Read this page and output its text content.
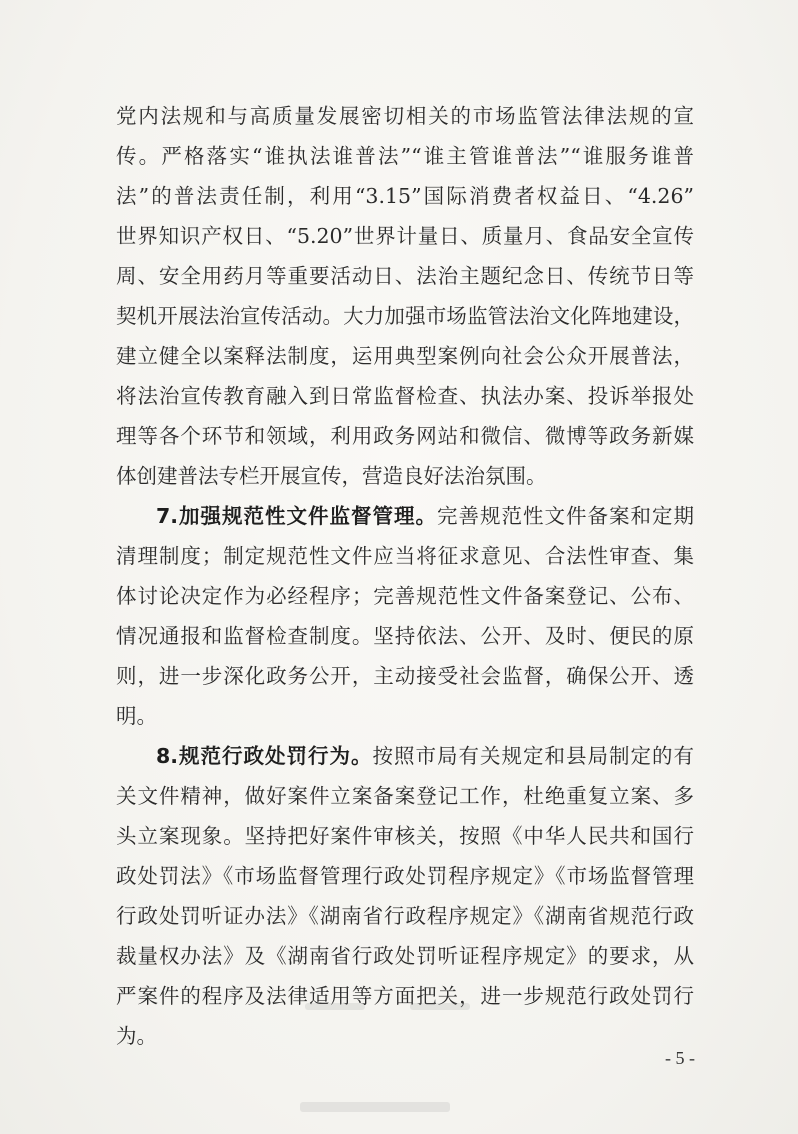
党内法规和与高质量发展密切相关的市场监管法律法规的宣
传。严格落实“谁执法谁普法”“谁主管谁普法”“谁服务谁普
法”的普法责任制，利用“3.15”国际消费者权益日、“4.26”
世界知识产权日、“5.20”世界计量日、质量月、食品安全宣传
周、安全用药月等重要活动日、法治主题纪念日、传统节日等
契机开展法治宣传活动。大力加强市场监管法治文化阵地建设，
建立健全以案释法制度，运用典型案例向社会公众开展普法，
将法治宣传教育融入到日常监督检查、执法办案、投诉举报处
理等各个环节和领域，利用政务网站和微信、微博等政务新媒
体创建普法专栏开展宣传，营造良好法治氛围。
7.加强规范性文件监督管理。完善规范性文件备案和定期
清理制度；制定规范性文件应当将征求意见、合法性审查、集
体讨论决定作为必经程序；完善规范性文件备案登记、公布、
情况通报和监督检查制度。坚持依法、公开、及时、便民的原
则，进一步深化政务公开，主动接受社会监督，确保公开、透
明。
8.规范行政处罚行为。按照市局有关规定和县局制定的有
关文件精神，做好案件立案备案登记工作，杜绝重复立案、多
头立案现象。坚持把好案件审核关，按照《中华人民共和国行
政处罚法》《市场监督管理行政处罚程序规定》《市场监督管理
行政处罚听证办法》《湖南省行政程序规定》《湖南省规范行政
裁量权办法》及《湖南省行政处罚听证程序规定》的要求，从
严案件的程序及法律适用等方面把关，进一步规范行政处罚行
为。
- 5 -
